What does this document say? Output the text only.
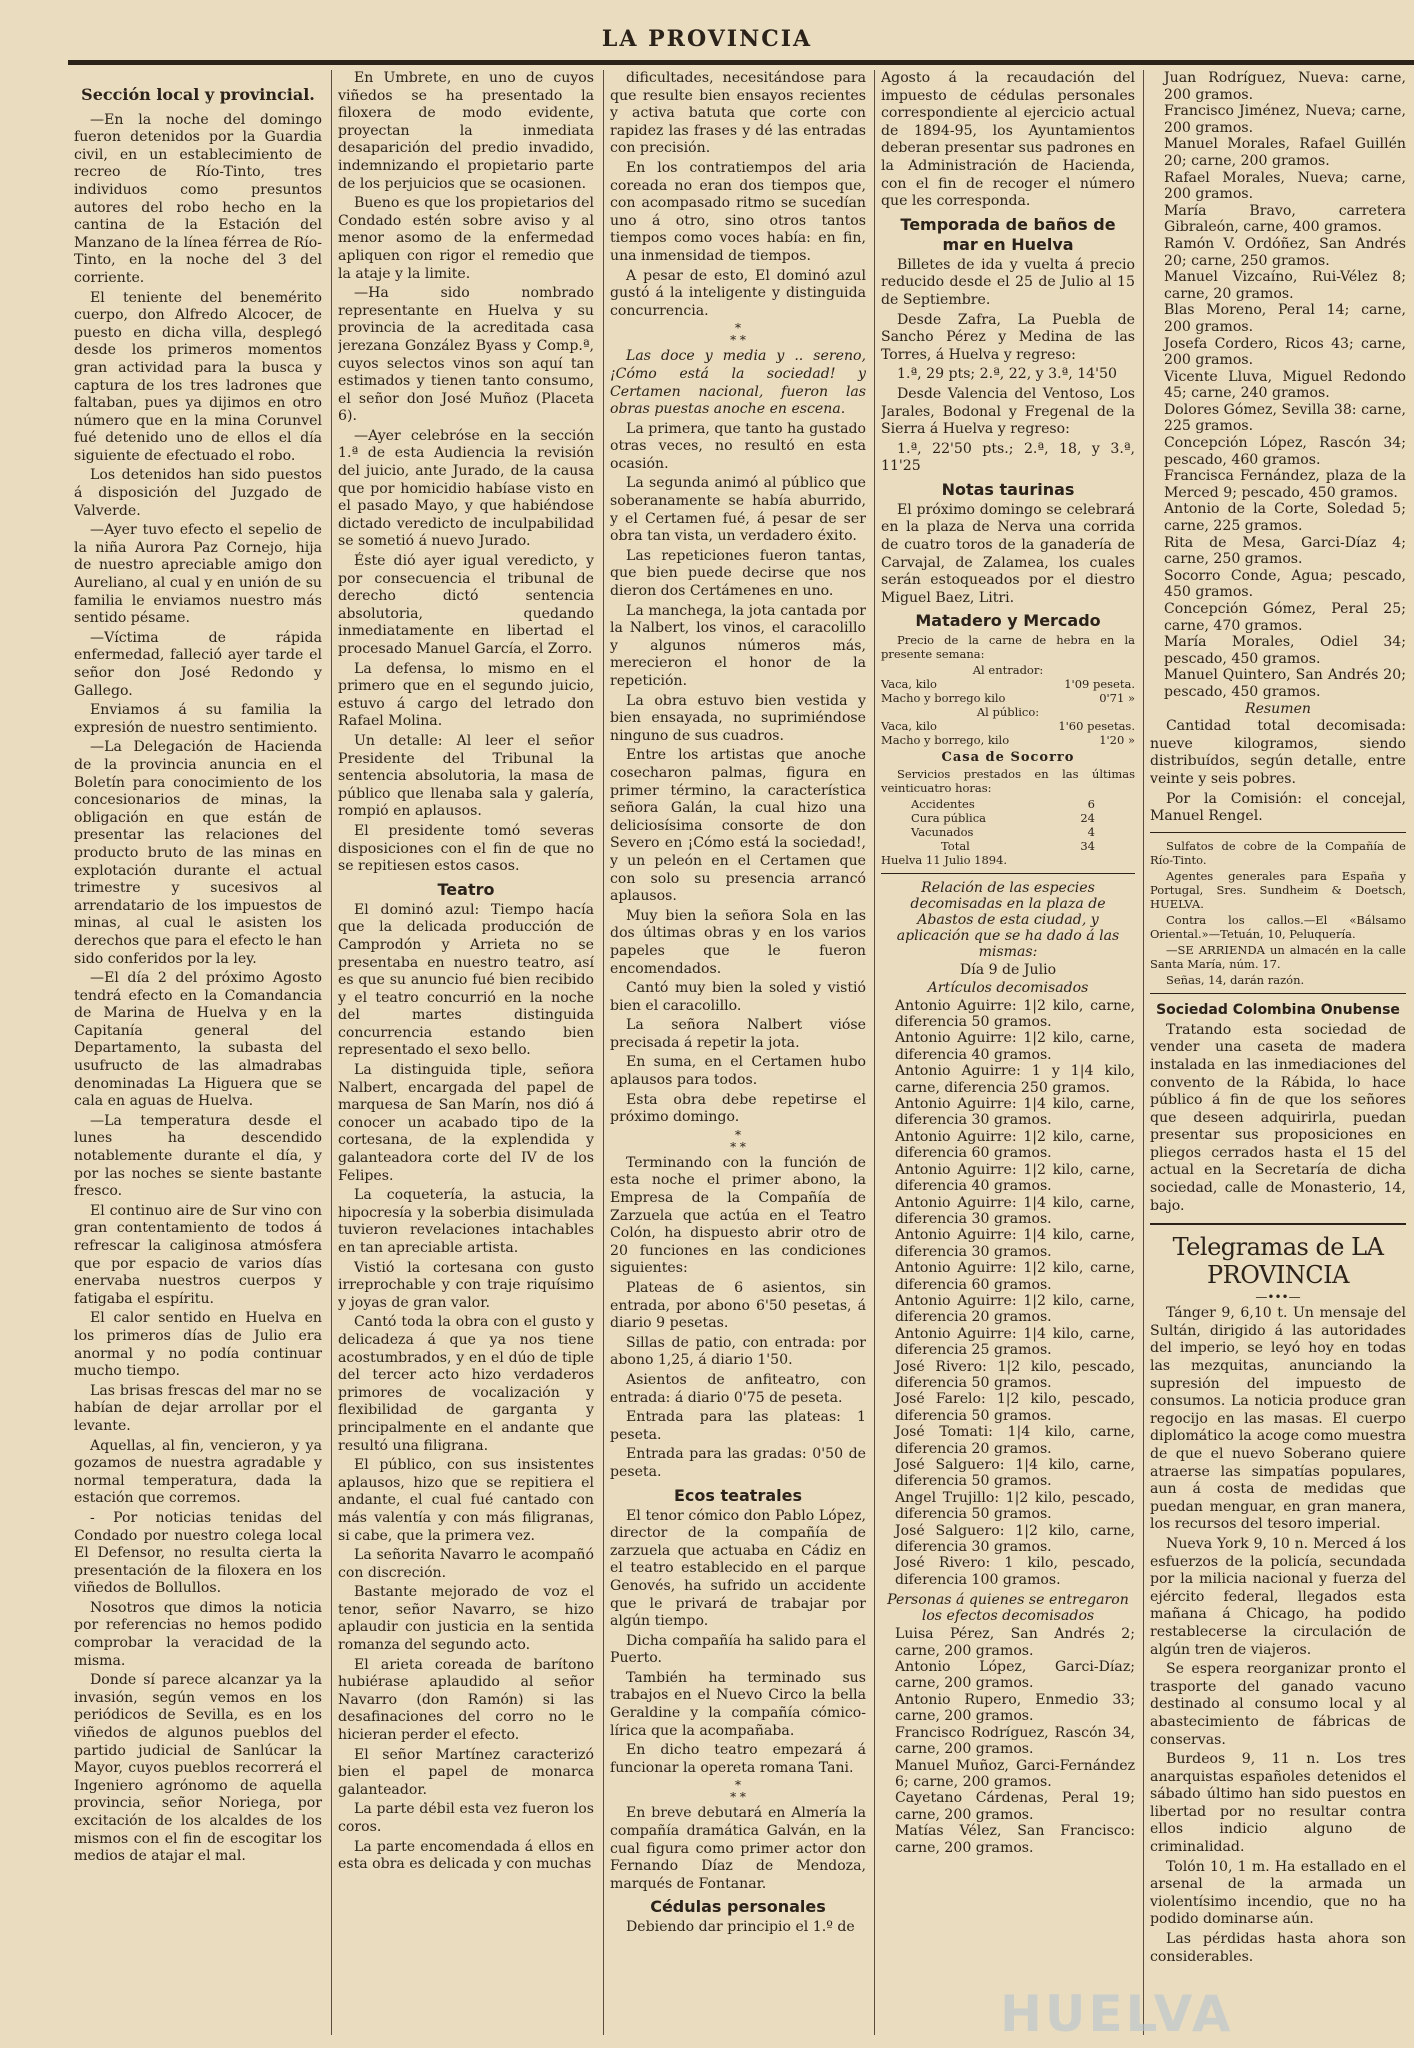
LA PROVINCIA
Sección local y provincial.

—En la noche del domingo fueron detenidos por la Guardia civil, en un establecimiento de recreo de Río-Tinto, tres individuos como presuntos autores del robo hecho en la cantina de la Estación del Manzano de la línea férrea de Río-Tinto, en la noche del 3 del corriente.

El teniente del benemérito cuerpo, don Alfredo Alcocer, de puesto en dicha villa, desplegó desde los primeros momentos gran actividad para la busca y captura de los tres ladrones que faltaban, pues ya dijimos en otro número que en la mina Corunvel fué detenido uno de ellos el día siguiente de efectuado el robo.

Los detenidos han sido puestos á disposición del Juzgado de Valverde.

—Ayer tuvo efecto el sepelio de la niña Aurora Paz Cornejo, hija de nuestro apreciable amigo don Aureliano, al cual y en unión de su familia le enviamos nuestro más sentido pésame.

—Víctima de rápida enfermedad, falleció ayer tarde el señor don José Redondo y Gallego.

Enviamos á su familia la expresión de nuestro sentimiento.

—La Delegación de Hacienda de la provincia anuncia en el Boletín para conocimiento de los concesionarios de minas, la obligación en que están de presentar las relaciones del producto bruto de las minas en explotación durante el actual trimestre y sucesivos al arrendatario de los impuestos de minas, al cual le asisten los derechos que para el efecto le han sido conferidos por la ley.

—El día 2 del próximo Agosto tendrá efecto en la Comandancia de Marina de Huelva y en la Capitanía general del Departamento, la subasta del usufructo de las almadrabas denominadas La Higuera que se cala en aguas de Huelva.

—La temperatura desde el lunes ha descendido notablemente durante el día, y por las noches se siente bastante fresco.

El continuo aire de Sur vino con gran contentamiento de todos á refrescar la caliginosa atmósfera que por espacio de varios días enervaba nuestros cuerpos y fatigaba el espíritu.

El calor sentido en Huelva en los primeros días de Julio era anormal y no podía continuar mucho tiempo.

Las brisas frescas del mar no se habían de dejar arrollar por el levante.

Aquellas, al fin, vencieron, y ya gozamos de nuestra agradable y normal temperatura, dada la estación que corremos.

- Por noticias tenidas del Condado por nuestro colega local El Defensor, no resulta cierta la presentación de la filoxera en los viñedos de Bollullos.

Nosotros que dimos la noticia por referencias no hemos podido comprobar la veracidad de la misma.

Donde sí parece alcanzar ya la invasión, según vemos en los periódicos de Sevilla, es en los viñedos de algunos pueblos del partido judicial de Sanlúcar la Mayor, cuyos pueblos recorrerá el Ingeniero agrónomo de aquella provincia, señor Noriega, por excitación de los alcaldes de los mismos con el fin de escogitar los medios de atajar el mal.

En Umbrete, en uno de cuyos viñedos se ha presentado la filoxera de modo evidente, proyectan la inmediata desaparición del predio invadido, indemnizando el propietario parte de los perjuicios que se ocasionen.

Bueno es que los propietarios del Condado estén sobre aviso y al menor asomo de la enfermedad apliquen con rigor el remedio que la ataje y la limite.

—Ha sido nombrado representante en Huelva y su provincia de la acreditada casa jerezana González Byass y Comp.ª, cuyos selectos vinos son aquí tan estimados y tienen tanto consumo, el señor don José Muñoz (Placeta 6).

—Ayer celebróse en la sección 1.ª de esta Audiencia la revisión del juicio, ante Jurado, de la causa que por homicidio habíase visto en el pasado Mayo, y que habiéndose dictado veredicto de inculpabilidad se sometió á nuevo Jurado.

Éste dió ayer igual veredicto, y por consecuencia el tribunal de derecho dictó sentencia absolutoria, quedando inmediatamente en libertad el procesado Manuel García, el Zorro.

La defensa, lo mismo en el primero que en el segundo juicio, estuvo á cargo del letrado don Rafael Molina.

Un detalle: Al leer el señor Presidente del Tribunal la sentencia absolutoria, la masa de público que llenaba sala y galería, rompió en aplausos.

El presidente tomó severas disposiciones con el fin de que no se repitiesen estos casos.

Teatro

El dominó azul: Tiempo hacía que la delicada producción de Camprodón y Arrieta no se presentaba en nuestro teatro, así es que su anuncio fué bien recibido y el teatro concurrió en la noche del martes distinguida concurrencia estando bien representado el sexo bello.

La distinguida tiple, señora Nalbert, encargada del papel de marquesa de San Marín, nos dió á conocer un acabado tipo de la cortesana, de la explendida y galanteadora corte del IV de los Felipes.

La coquetería, la astucia, la hipocresía y la soberbia disimulada tuvieron revelaciones intachables en tan apreciable artista.

Vistió la cortesana con gusto irreprochable y con traje riquísimo y joyas de gran valor.

Cantó toda la obra con el gusto y delicadeza á que ya nos tiene acostumbrados, y en el dúo de tiple del tercer acto hizo verdaderos primores de vocalización y flexibilidad de garganta y principalmente en el andante que resultó una filigrana.

El público, con sus insistentes aplausos, hizo que se repitiera el andante, el cual fué cantado con más valentía y con más filigranas, si cabe, que la primera vez.

La señorita Navarro le acompañó con discreción.

Bastante mejorado de voz el tenor, señor Navarro, se hizo aplaudir con justicia en la sentida romanza del segundo acto.

El arieta coreada de barítono hubiérase aplaudido al señor Navarro (don Ramón) si las desafinaciones del corro no le hicieran perder el efecto.

El señor Martínez caracterizó bien el papel de monarca galanteador.

La parte débil esta vez fueron los coros.

La parte encomendada á ellos en esta obra es delicada y con muchas

dificultades, necesitándose para que resulte bien ensayos recientes y activa batuta que corte con rapidez las frases y dé las entradas con precisión.

En los contratiempos del aria coreada no eran dos tiempos que, con acompasado ritmo se sucedían uno á otro, sino otros tantos tiempos como voces había: en fin, una inmensidad de tiempos.

A pesar de esto, El dominó azul gustó á la inteligente y distinguida concurrencia.

*
* *

Las doce y media y .. sereno, ¡Cómo está la sociedad! y Certamen nacional, fueron las obras puestas anoche en escena.

La primera, que tanto ha gustado otras veces, no resultó en esta ocasión.

La segunda animó al público que soberanamente se había aburrido, y el Certamen fué, á pesar de ser obra tan vista, un verdadero éxito.

Las repeticiones fueron tantas, que bien puede decirse que nos dieron dos Certámenes en uno.

La manchega, la jota cantada por la Nalbert, los vinos, el caracolillo y algunos números más, merecieron el honor de la repetición.

La obra estuvo bien vestida y bien ensayada, no suprimiéndose ninguno de sus cuadros.

Entre los artistas que anoche cosecharon palmas, figura en primer término, la característica señora Galán, la cual hizo una deliciosísima consorte de don Severo en ¡Cómo está la sociedad!, y un peleón en el Certamen que con solo su presencia arrancó aplausos.

Muy bien la señora Sola en las dos últimas obras y en los varios papeles que le fueron encomendados.

Cantó muy bien la soled y vistió bien el caracolillo.

La señora Nalbert vióse precisada á repetir la jota.

En suma, en el Certamen hubo aplausos para todos.

Esta obra debe repetirse el próximo domingo.

*
* *

Terminando con la función de esta noche el primer abono, la Empresa de la Compañía de Zarzuela que actúa en el Teatro Colón, ha dispuesto abrir otro de 20 funciones en las condiciones siguientes:

Plateas de 6 asientos, sin entrada, por abono 6'50 pesetas, á diario 9 pesetas.

Sillas de patio, con entrada: por abono 1,25, á diario 1'50.

Asientos de anfiteatro, con entrada: á diario 0'75 de peseta.

Entrada para las plateas: 1 peseta.

Entrada para las gradas: 0'50 de peseta.

Ecos teatrales

El tenor cómico don Pablo López, director de la compañía de zarzuela que actuaba en Cádiz en el teatro establecido en el parque Genovés, ha sufrido un accidente que le privará de trabajar por algún tiempo.

Dicha compañía ha salido para el Puerto.

También ha terminado sus trabajos en el Nuevo Circo la bella Geraldine y la compañía cómico-lírica que la acompañaba.

En dicho teatro empezará á funcionar la opereta romana Tani.

*
* *

En breve debutará en Almería la compañía dramática Galván, en la cual figura como primer actor don Fernando Díaz de Mendoza, marqués de Fontanar.

Cédulas personales

Debiendo dar principio el 1.º de

Agosto á la recaudación del impuesto de cédulas personales correspondiente al ejercicio actual de 1894-95, los Ayuntamientos deberan presentar sus padrones en la Administración de Hacienda, con el fin de recoger el número que les corresponda.

Temporada de baños de mar en Huelva

Billetes de ida y vuelta á precio reducido desde el 25 de Julio al 15 de Septiembre.

Desde Zafra, La Puebla de Sancho Pérez y Medina de las Torres, á Huelva y regreso:

1.ª, 29 pts; 2.ª, 22, y 3.ª, 14'50

Desde Valencia del Ventoso, Los Jarales, Bodonal y Fregenal de la Sierra á Huelva y regreso:

1.ª, 22'50 pts.; 2.ª, 18, y 3.ª, 11'25

Notas taurinas

El próximo domingo se celebrará en la plaza de Nerva una corrida de cuatro toros de la ganadería de Carvajal, de Zalamea, los cuales serán estoqueados por el diestro Miguel Baez, Litri.

Matadero y Mercado

Precio de la carne de hebra en la presente semana:

Al entrador:
Vaca, kilo	1'09 peseta.
Macho y borrego kilo	0'71 »
Al público:
Vaca, kilo	1'60 pesetas.
Macho y borrego, kilo	1'20 »
Casa de Socorro

Servicios prestados en las últimas veinticuatro horas:

Accidentes	6
Cura pública	24
Vacunados	4
Total	34
Huelva 11 Julio 1894.

Relación de las especies decomisadas en la plaza de Abastos de esta ciudad, y aplicación que se ha dado á las mismas:

Día 9 de Julio
Artículos decomisados

Antonio Aguirre: 1|2 kilo, carne, diferencia 50 gramos.

Antonio Aguirre: 1|2 kilo, carne, diferencia 40 gramos.

Antonio Aguirre: 1 y 1|4 kilo, carne, diferencia 250 gramos.

Antonio Aguirre: 1|4 kilo, carne, diferencia 30 gramos.

Antonio Aguirre: 1|2 kilo, carne, diferencia 60 gramos.

Antonio Aguirre: 1|2 kilo, carne, diferencia 40 gramos.

Antonio Aguirre: 1|4 kilo, carne, diferencia 30 gramos.

Antonio Aguirre: 1|4 kilo, carne, diferencia 30 gramos.

Antonio Aguirre: 1|2 kilo, carne, diferencia 60 gramos.

Antonio Aguirre: 1|2 kilo, carne, diferencia 20 gramos.

Antonio Aguirre: 1|4 kilo, carne, diferencia 25 gramos.

José Rivero: 1|2 kilo, pescado, diferencia 50 gramos.

José Farelo: 1|2 kilo, pescado, diferencia 50 gramos.

José Tomati: 1|4 kilo, carne, diferencia 20 gramos.

José Salguero: 1|4 kilo, carne, diferencia 50 gramos.

Angel Trujillo: 1|2 kilo, pescado, diferencia 50 gramos.

José Salguero: 1|2 kilo, carne, diferencia 30 gramos.

José Rivero: 1 kilo, pescado, diferencia 100 gramos.

Personas á quienes se entregaron los efectos decomisados

Luisa Pérez, San Andrés 2; carne, 200 gramos.

Antonio López, Garci-Díaz; carne, 200 gramos.

Antonio Rupero, Enmedio 33; carne, 200 gramos.

Francisco Rodríguez, Rascón 34, carne, 200 gramos.

Manuel Muñoz, Garci-Fernández 6; carne, 200 gramos.

Cayetano Cárdenas, Peral 19; carne, 200 gramos.

Matías Vélez, San Francisco: carne, 200 gramos.

Juan Rodríguez, Nueva: carne, 200 gramos.

Francisco Jiménez, Nueva; carne, 200 gramos.

Manuel Morales, Rafael Guillén 20; carne, 200 gramos.

Rafael Morales, Nueva; carne, 200 gramos.

María Bravo, carretera Gibraleón, carne, 400 gramos.

Ramón V. Ordóñez, San Andrés 20; carne, 250 gramos.

Manuel Vizcaíno, Rui-Vélez 8; carne, 20 gramos.

Blas Moreno, Peral 14; carne, 200 gramos.

Josefa Cordero, Ricos 43; carne, 200 gramos.

Vicente Lluva, Miguel Redondo 45; carne, 240 gramos.

Dolores Gómez, Sevilla 38: carne, 225 gramos.

Concepción López, Rascón 34; pescado, 460 gramos.

Francisca Fernández, plaza de la Merced 9; pescado, 450 gramos.

Antonio de la Corte, Soledad 5; carne, 225 gramos.

Rita de Mesa, Garci-Díaz 4; carne, 250 gramos.

Socorro Conde, Agua; pescado, 450 gramos.

Concepción Gómez, Peral 25; carne, 470 gramos.

María Morales, Odiel 34; pescado, 450 gramos.

Manuel Quintero, San Andrés 20; pescado, 450 gramos.

Resumen

Cantidad total decomisada: nueve kilogramos, siendo distribuídos, según detalle, entre veinte y seis pobres.

Por la Comisión: el concejal, Manuel Rengel.

Sulfatos de cobre de la Compañía de Río-Tinto.

Agentes generales para España y Portugal, Sres. Sundheim & Doetsch, HUELVA.

Contra los callos.—El «Bálsamo Oriental.»—Tetuán, 10, Peluquería.

—SE ARRIENDA un almacén en la calle Santa María, núm. 17.

Señas, 14, darán razón.

Sociedad Colombina Onubense

Tratando esta sociedad de vender una caseta de madera instalada en las inmediaciones del convento de la Rábida, lo hace público á fin de que los señores que deseen adquirirla, puedan presentar sus proposiciones en pliegos cerrados hasta el 15 del actual en la Secretaría de dicha sociedad, calle de Monasterio, 14, bajo.

Telegramas de LA PROVINCIA
—•••—

Tánger 9, 6,10 t. Un mensaje del Sultán, dirigido á las autoridades del imperio, se leyó hoy en todas las mezquitas, anunciando la supresión del impuesto de consumos. La noticia produce gran regocijo en las masas. El cuerpo diplomático la acoge como muestra de que el nuevo Soberano quiere atraerse las simpatías populares, aun á costa de medidas que puedan menguar, en gran manera, los recursos del tesoro imperial.

Nueva York 9, 10 n. Merced á los esfuerzos de la policía, secundada por la milicia nacional y fuerza del ejército federal, llegados esta mañana á Chicago, ha podido restablecerse la circulación de algún tren de viajeros.

Se espera reorganizar pronto el trasporte del ganado vacuno destinado al consumo local y al abastecimiento de fábricas de conservas.

Burdeos 9, 11 n. Los tres anarquistas españoles detenidos el sábado último han sido puestos en libertad por no resultar contra ellos indicio alguno de criminalidad.

Tolón 10, 1 m. Ha estallado en el arsenal de la armada un violentísimo incendio, que no ha podido dominarse aún.

Las pérdidas hasta ahora son considerables.

HUELVA
